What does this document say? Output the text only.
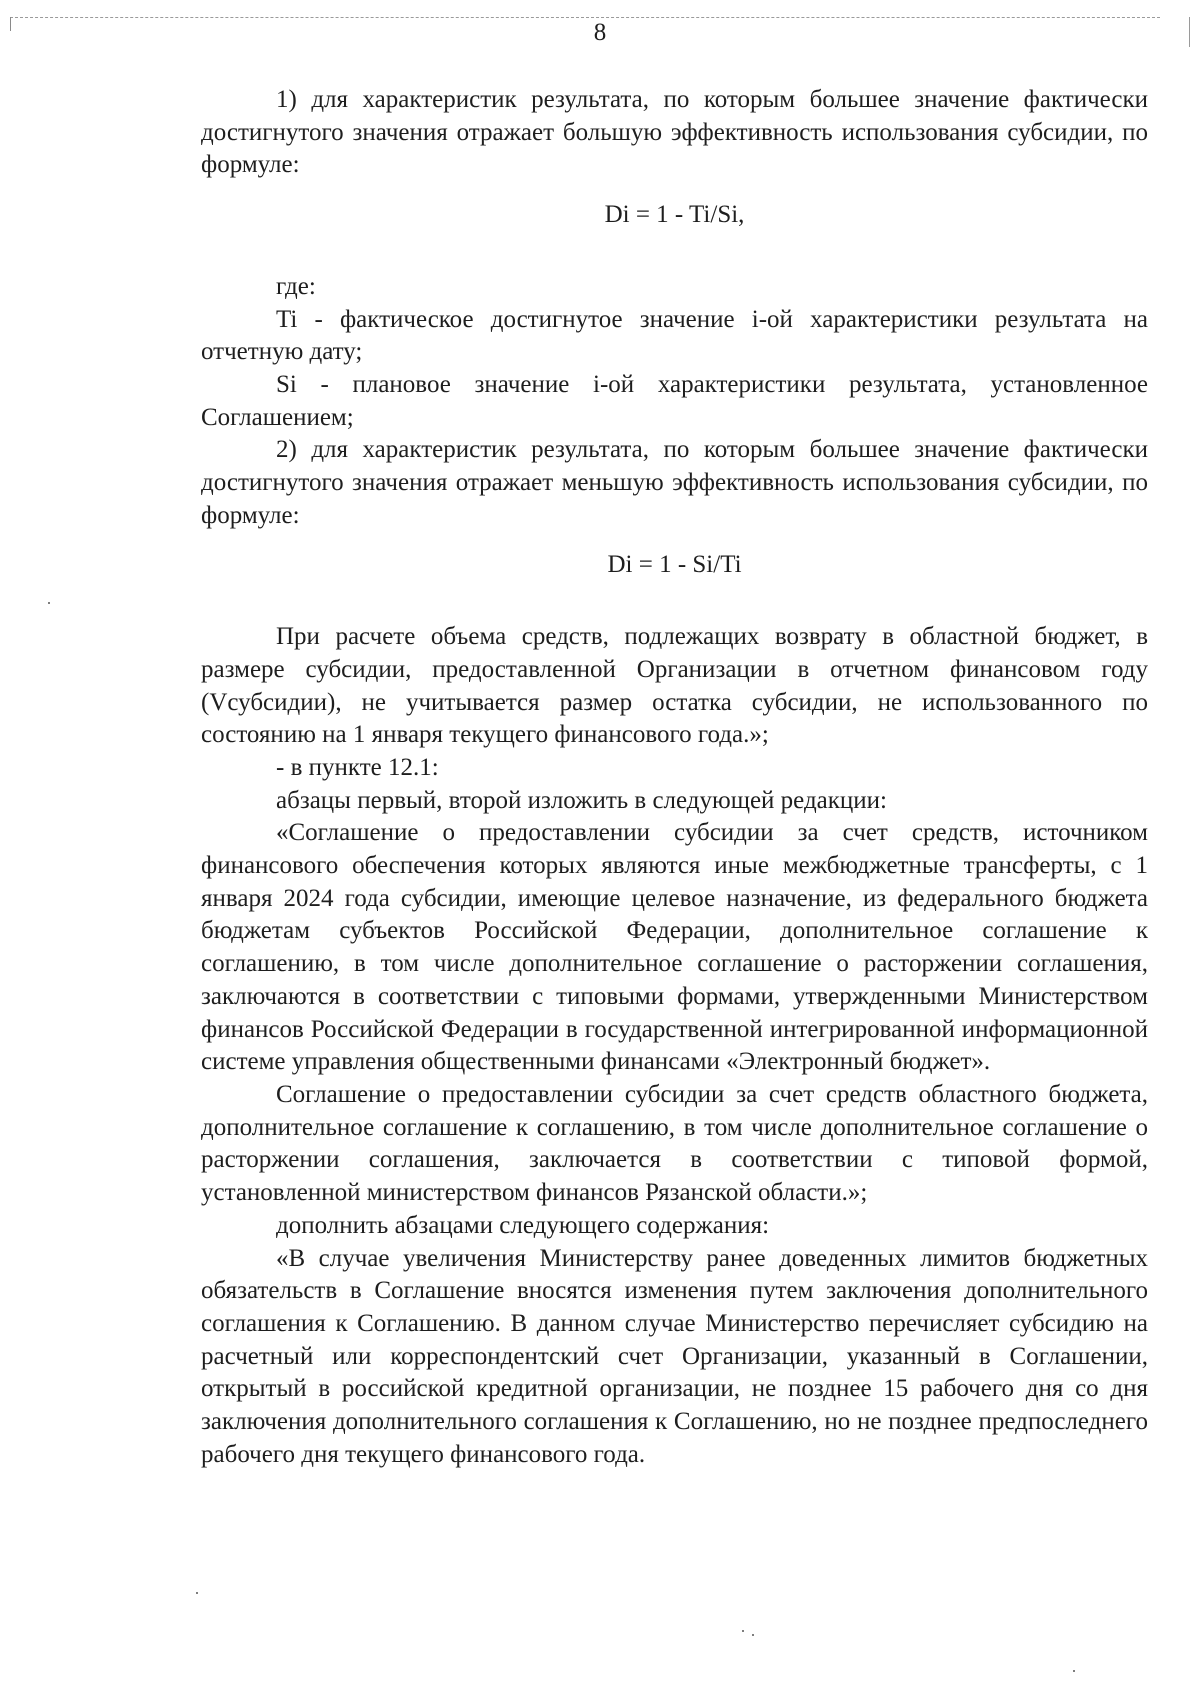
8

1) для характеристик результата, по которым большее значение фактически достигнутого значения отражает большую эффективность использования субсидии, по формуле:

Di = 1 - Ti/Si,

где:

Ti - фактическое достигнутое значение i-ой характеристики результата на отчетную дату;

Si - плановое значение i-ой характеристики результата, установленное Соглашением;

2) для характеристик результата, по которым большее значение фактически достигнутого значения отражает меньшую эффективность использования субсидии, по формуле:

Di = 1 - Si/Ti

При расчете объема средств, подлежащих возврату в областной бюджет, в размере субсидии, предоставленной Организации в отчетном финансовом году (Vсубсидии), не учитывается размер остатка субсидии, не использованного по состоянию на 1 января текущего финансового года.»;

- в пункте 12.1:

абзацы первый, второй изложить в следующей редакции:

«Соглашение о предоставлении субсидии за счет средств, источником финансового обеспечения которых являются иные межбюджетные трансферты, с 1 января 2024 года субсидии, имеющие целевое назначение, из федерального бюджета бюджетам субъектов Российской Федерации, дополнительное соглашение к соглашению, в том числе дополнительное соглашение о расторжении соглашения, заключаются в соответствии с типовыми формами, утвержденными Министерством финансов Российской Федерации в государственной интегрированной информационной системе управления общественными финансами «Электронный бюджет».

Соглашение о предоставлении субсидии за счет средств областного бюджета, дополнительное соглашение к соглашению, в том числе дополнительное соглашение о расторжении соглашения, заключается в соответствии с типовой формой, установленной министерством финансов Рязанской области.»;

дополнить абзацами следующего содержания:

«В случае увеличения Министерству ранее доведенных лимитов бюджетных обязательств в Соглашение вносятся изменения путем заключения дополнительного соглашения к Соглашению. В данном случае Министерство перечисляет субсидию на расчетный или корреспондентский счет Организации, указанный в Соглашении, открытый в российской кредитной организации, не позднее 15 рабочего дня со дня заключения дополнительного соглашения к Соглашению, но не позднее предпоследнего рабочего дня текущего финансового года.
